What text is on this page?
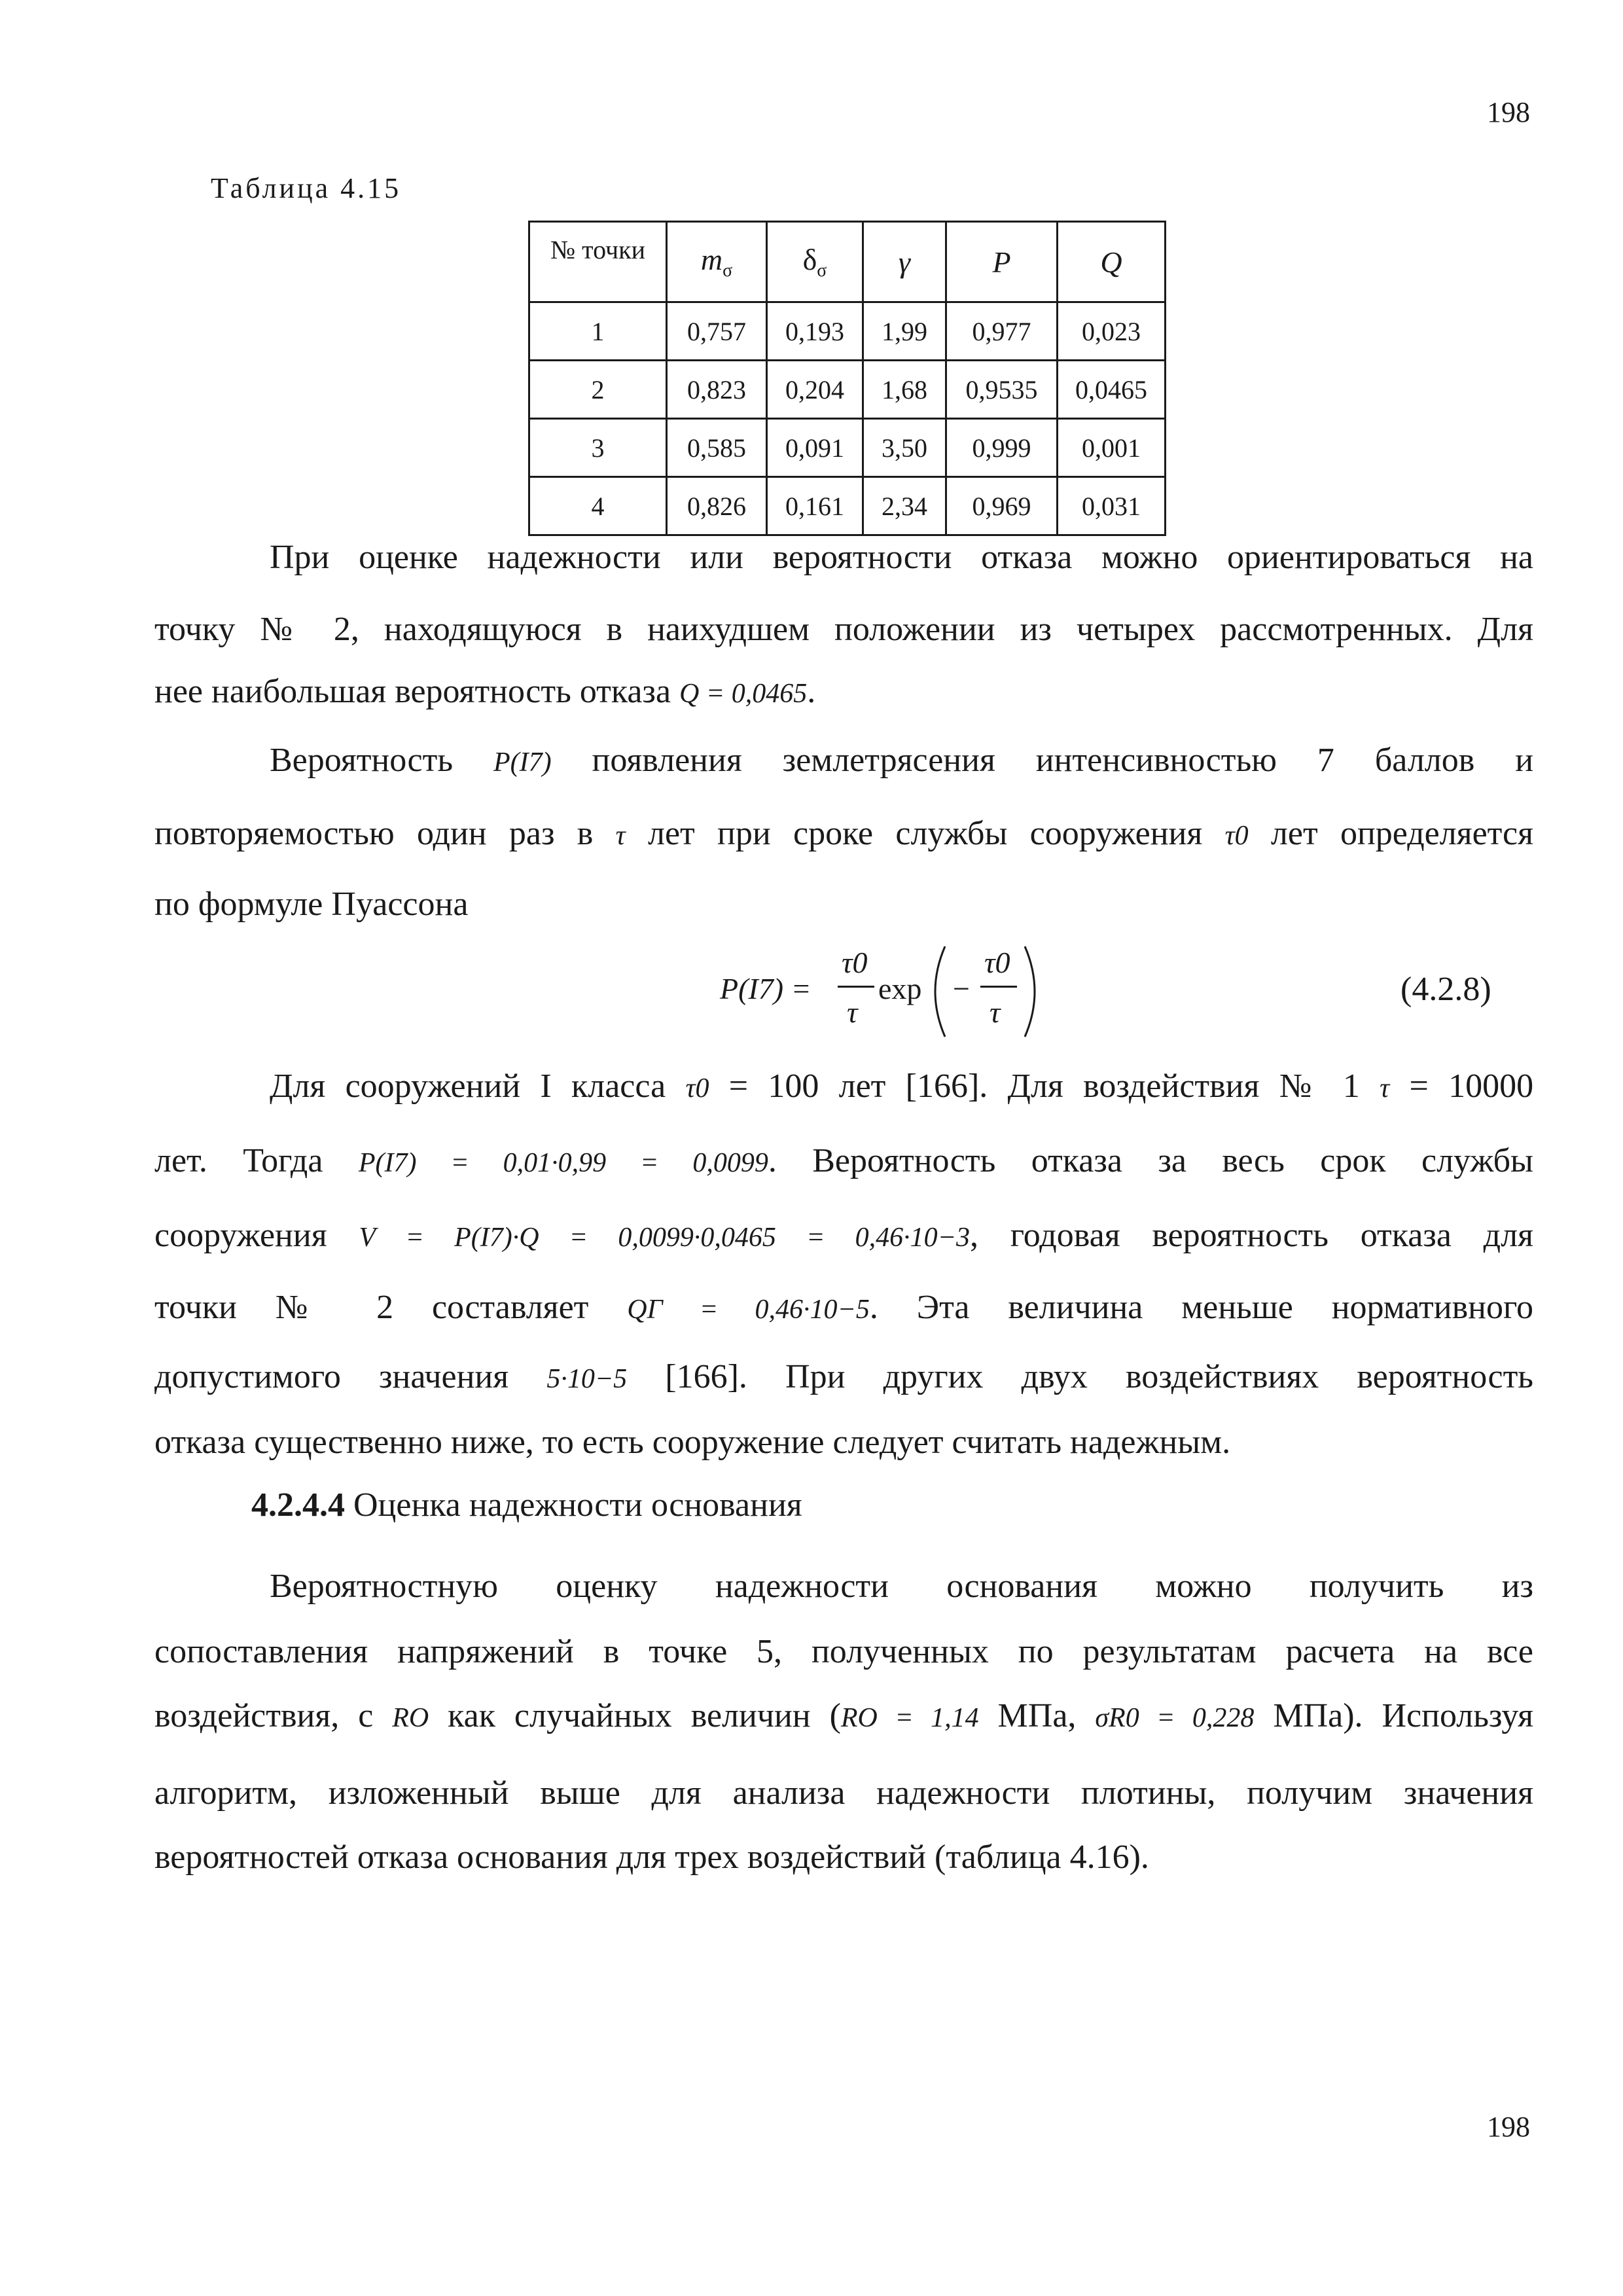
198
198
Таблица 4.15
№ точки	$m_\sigma$	$\delta_\sigma$	γ	P	Q
1	0,757	0,193	1,99	0,977	0,023
2	0,823	0,204	1,68	0,9535	0,0465
3	0,585	0,091	3,50	0,999	0,001
4	0,826	0,161	2,34	0,969	0,031
При оценке надежности или вероятности отказа можно ориентироваться на
точку № 2, находящуюся в наихудшем положении из четырех рассмотренных. Для
нее наибольшая вероятность отказа Q = 0,0465.
Вероятность P(I7) появления землетрясения интенсивностью 7 баллов и
повторяемостью один раз в τ лет при сроке службы сооружения τ0 лет определяется
по формуле Пуассона
P(I7) =
τ0
τ
exp −
τ0
τ
(4.2.8)
Для сооружений I класса τ0 = 100 лет [166]. Для воздействия № 1 τ = 10000
лет. Тогда P(I7) = 0,01·0,99 = 0,0099. Вероятность отказа за весь срок службы
сооружения V = P(I7)·Q = 0,0099·0,0465 = 0,46·10−3, годовая вероятность отказа для
точки № 2 составляет QГ = 0,46·10−5. Эта величина меньше нормативного
допустимого значения 5·10−5 [166]. При других двух воздействиях вероятность
отказа существенно ниже, то есть сооружение следует считать надежным.
4.2.4.4 Оценка надежности основания
Вероятностную оценку надежности основания можно получить из
сопоставления напряжений в точке 5, полученных по результатам расчета на все
воздействия, с RO как случайных величин (RO = 1,14 МПа, σR0 = 0,228 МПа). Используя
алгоритм, изложенный выше для анализа надежности плотины, получим значения
вероятностей отказа основания для трех воздействий (таблица 4.16).
